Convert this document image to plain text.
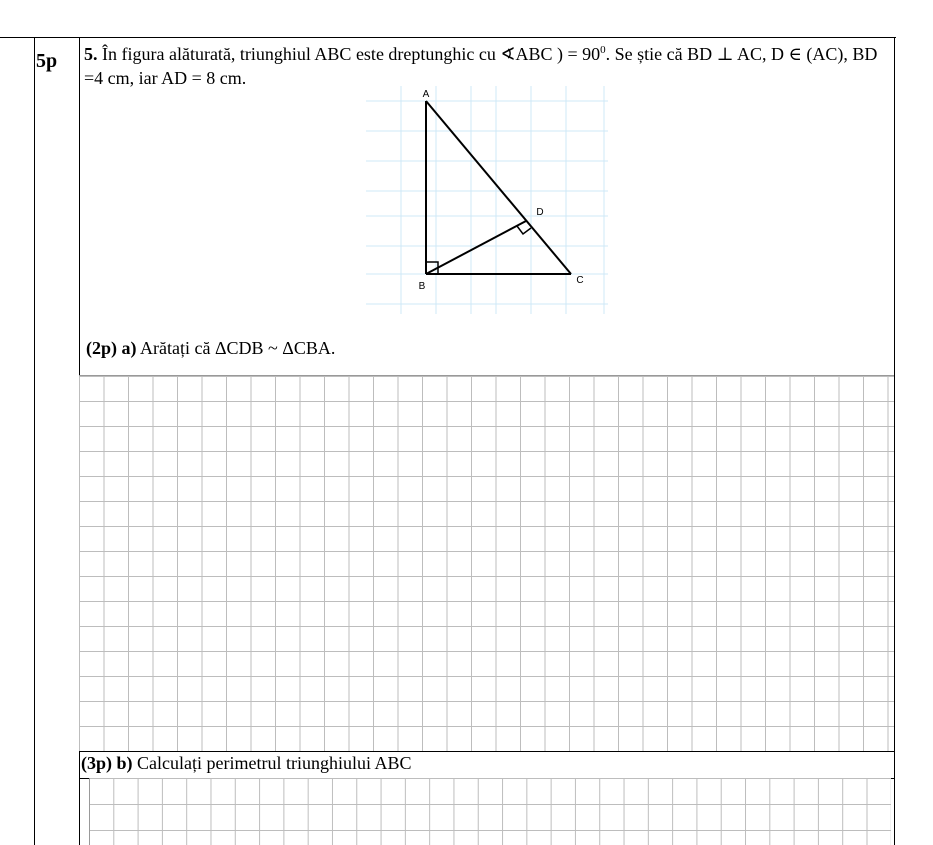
5p 5. În figura alăturată, triunghiul ABC este dreptunghic cu ∢ABC ) = $90^0$. Se știe că BD ⊥ AC, D ∈ (AC), BD =4 cm, iar AD = 8 cm.
A
B
C
D
(2p) a) Arătați că ΔCDB ~ ΔCBA.
(3p) b) Calculați perimetrul triunghiului ABC
